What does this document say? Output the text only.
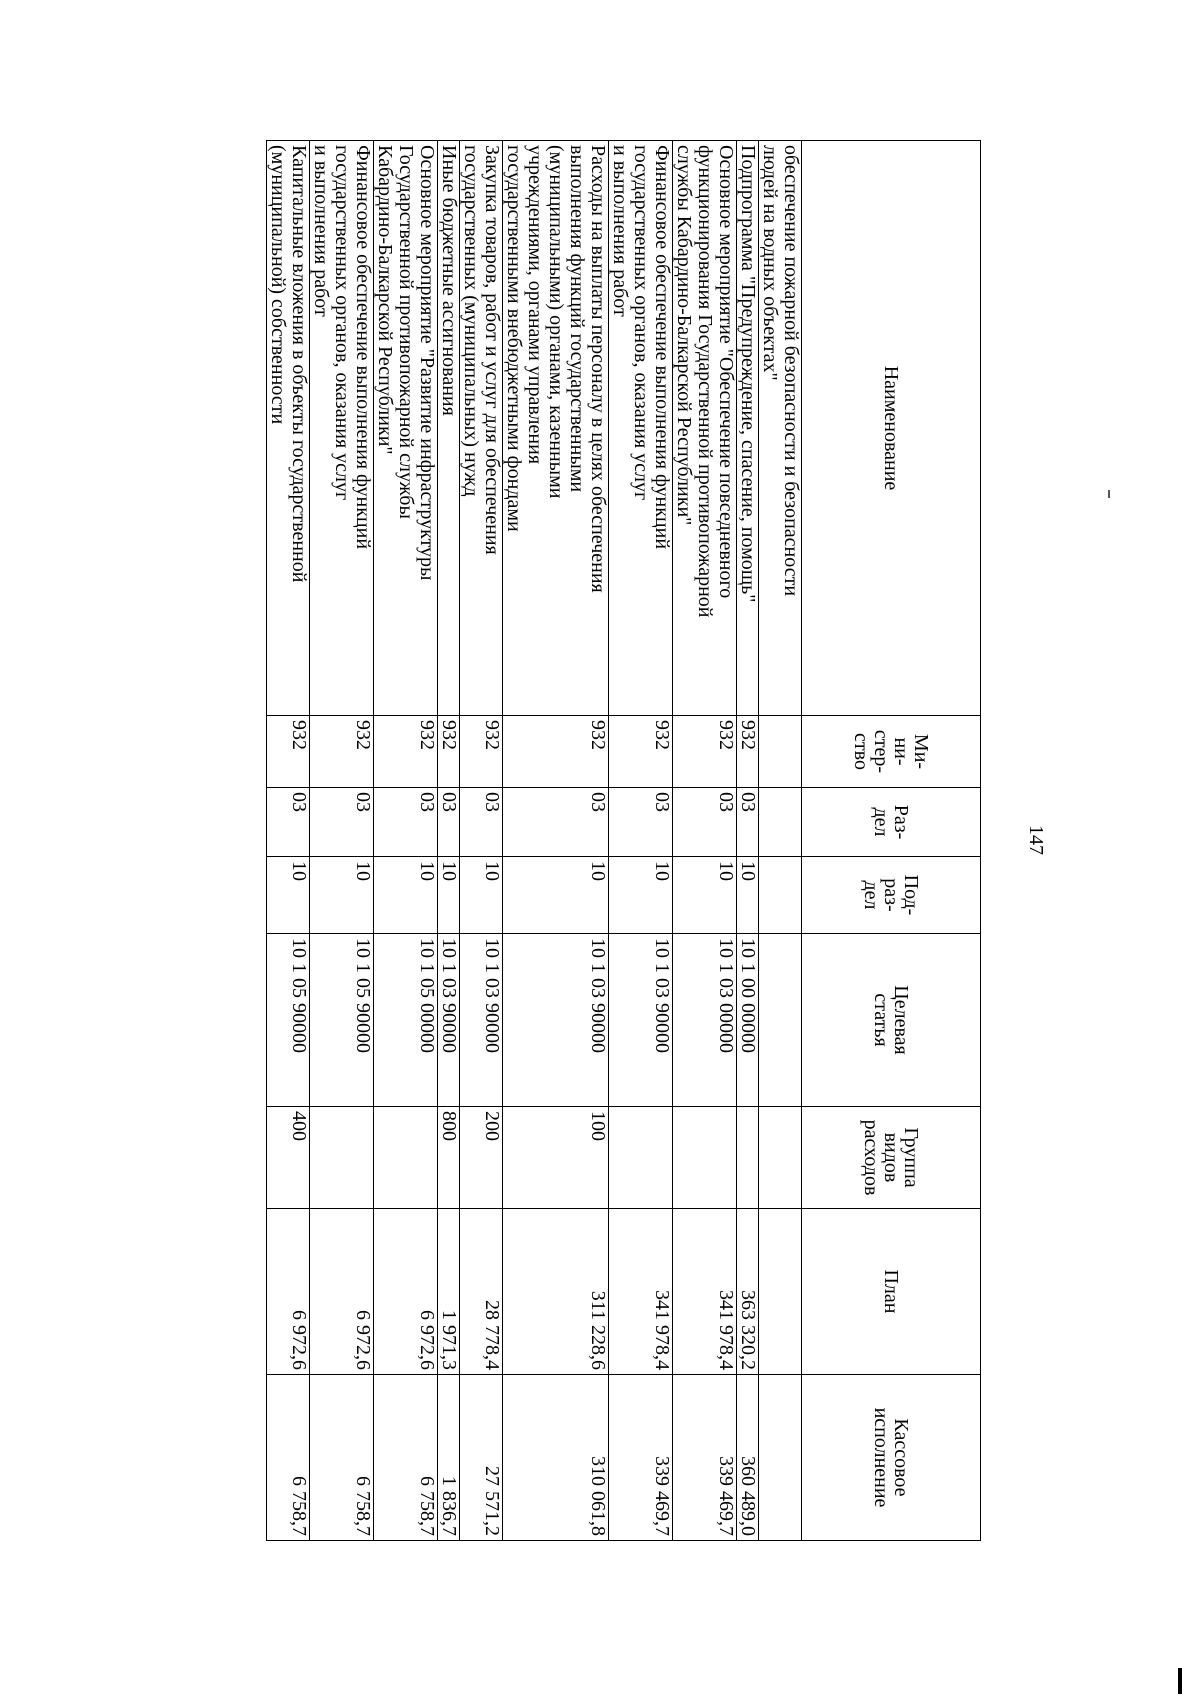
147
Наименование	Ми-
ни-
стер-
ство	Раз-
дел	Под-
раз-
дел	Целевая
статья	Группа
видов
расходов	План	Кассовое
исполнение
обеспечение пожарной безопасности и безопасности
людей на водных объектах"							
Подпрограмма "Предупреждение, спасение, помощь"	932	03	10	10 1 00 00000		363 320,2	360 489,0
Основное мероприятие "Обеспечение повседневного
функционирования Государственной противопожарной
службы Кабардино-Балкарской Республики"	932	03	10	10 1 03 00000		341 978,4	339 469,7
Финансовое обеспечение выполнения функций
государственных органов, оказания услуг
и выполнения работ	932	03	10	10 1 03 90000		341 978,4	339 469,7
Расходы на выплаты персоналу в целях обеспечения
выполнения функций государственными
(муниципальными) органами, казенными
учреждениями, органами управления
государственными внебюджетными фондами	932	03	10	10 1 03 90000	100	311 228,6	310 061,8
Закупка товаров, работ и услуг для обеспечения
государственных (муниципальных) нужд	932	03	10	10 1 03 90000	200	28 778,4	27 571,2
Иные бюджетные ассигнования	932	03	10	10 1 03 90000	800	1 971,3	1 836,7
Основное мероприятие "Развитие инфраструктуры
Государственной противопожарной службы
Кабардино-Балкарской Республики"	932	03	10	10 1 05 00000		6 972,6	6 758,7
Финансовое обеспечение выполнения функций
государственных органов, оказания услуг
и выполнения работ	932	03	10	10 1 05 90000		6 972,6	6 758,7
Капитальные вложения в объекты государственной
(муниципальной) собственности	932	03	10	10 1 05 90000	400	6 972,6	6 758,7
